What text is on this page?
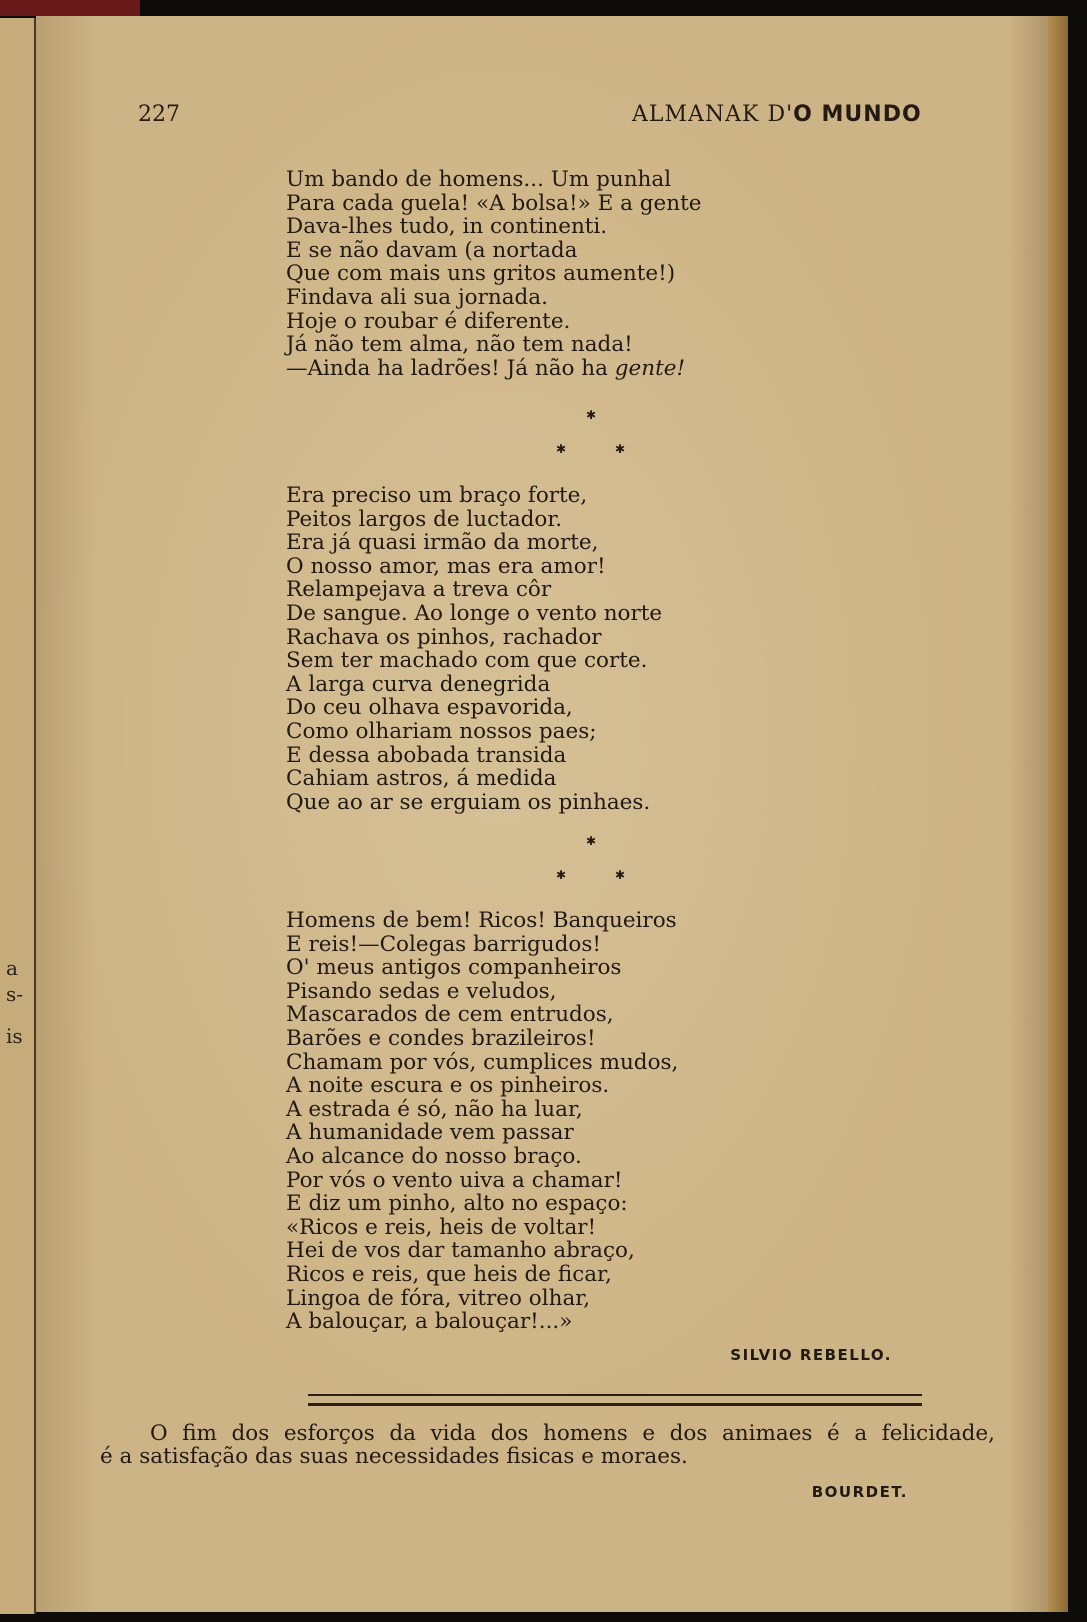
a
s-
is
227	ALMANAK D'O MUNDO
Um bando de homens... Um punhal
Para cada guela! «A bolsa!» E a gente
Dava-lhes tudo, in continenti.
E se não davam (a nortada
Que com mais uns gritos aumente!)
Findava ali sua jornada.
Hoje o roubar é diferente.
Já não tem alma, não tem nada!
—Ainda ha ladrões! Já não ha gente!
✱
✱	✱
Era preciso um braço forte,
Peitos largos de luctador.
Era já quasi irmão da morte,
O nosso amor, mas era amor!
Relampejava a treva côr
De sangue. Ao longe o vento norte
Rachava os pinhos, rachador
Sem ter machado com que corte.
A larga curva denegrida
Do ceu olhava espavorida,
Como olhariam nossos paes;
E dessa abobada transida
Cahiam astros, á medida
Que ao ar se erguiam os pinhaes.
✱
✱	✱
Homens de bem! Ricos! Banqueiros
E reis!—Colegas barrigudos!
O' meus antigos companheiros
Pisando sedas e veludos,
Mascarados de cem entrudos,
Barões e condes brazileiros!
Chamam por vós, cumplices mudos,
A noite escura e os pinheiros.
A estrada é só, não ha luar,
A humanidade vem passar
Ao alcance do nosso braço.
Por vós o vento uiva a chamar!
E diz um pinho, alto no espaço:
«Ricos e reis, heis de voltar!
Hei de vos dar tamanho abraço,
Ricos e reis, que heis de ficar,
Lingoa de fóra, vitreo olhar,
A balouçar, a balouçar!...»
SILVIO REBELLO.

O fim dos esforços da vida dos homens e dos animaes é a felicidade,

é a satisfação das suas necessidades fisicas e moraes.

BOURDET.
